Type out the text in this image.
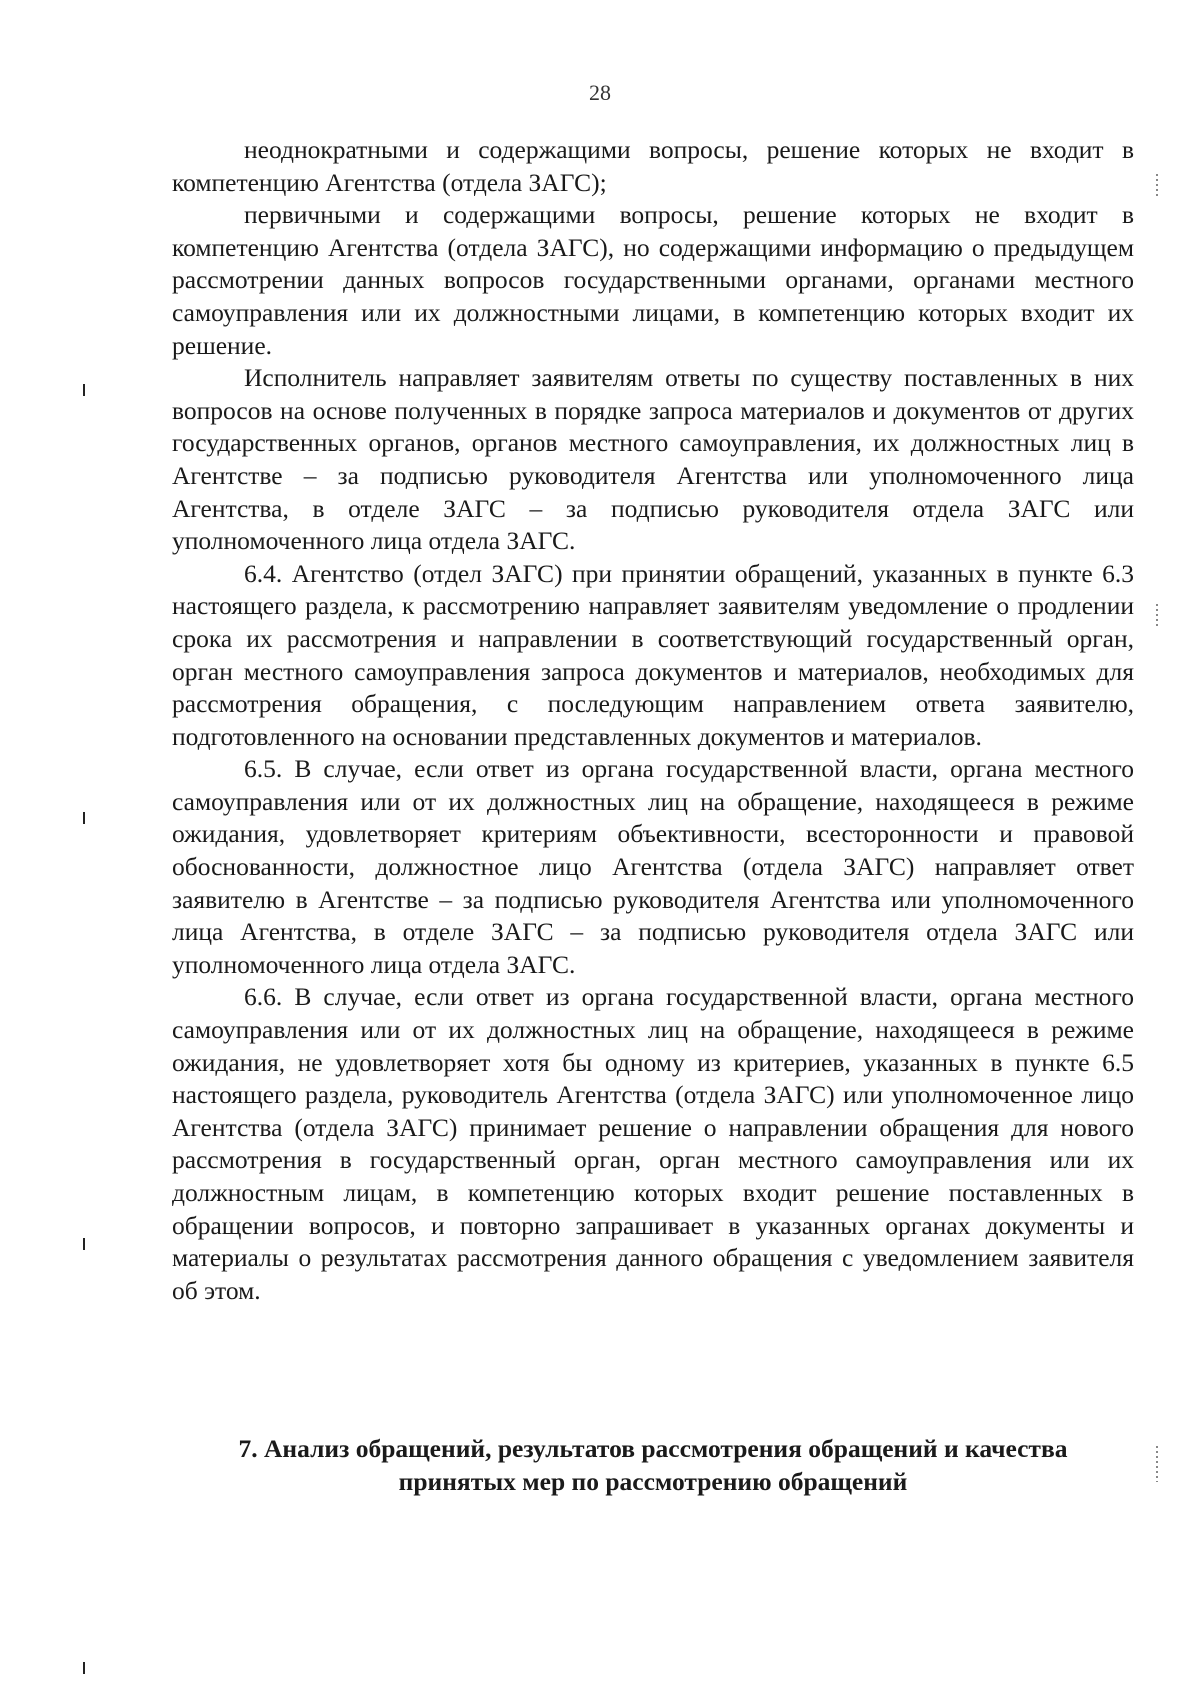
28

неоднократными и содержащими вопросы, решение которых не входит в компетенцию Агентства (отдела ЗАГС);

первичными и содержащими вопросы, решение которых не входит в компетенцию Агентства (отдела ЗАГС), но содержащими информацию о предыдущем рассмотрении данных вопросов государственными органами, органами местного самоуправления или их должностными лицами, в компетенцию которых входит их решение.

Исполнитель направляет заявителям ответы по существу поставленных в них вопросов на основе полученных в порядке запроса материалов и документов от других государственных органов, органов местного самоуправления, их должностных лиц в Агентстве – за подписью руководителя Агентства или уполномоченного лица Агентства, в отделе ЗАГС – за подписью руководителя отдела ЗАГС или уполномоченного лица отдела ЗАГС.

6.4. Агентство (отдел ЗАГС) при принятии обращений, указанных в пункте 6.3 настоящего раздела, к рассмотрению направляет заявителям уведомление о продлении срока их рассмотрения и направлении в соответствующий государственный орган, орган местного самоуправления запроса документов и материалов, необходимых для рассмотрения обращения, с последующим направлением ответа заявителю, подготовленного на основании представленных документов и материалов.

6.5. В случае, если ответ из органа государственной власти, органа местного самоуправления или от их должностных лиц на обращение, находящееся в режиме ожидания, удовлетворяет критериям объективности, всесторонности и правовой обоснованности, должностное лицо Агентства (отдела ЗАГС) направляет ответ заявителю в Агентстве – за подписью руководителя Агентства или уполномоченного лица Агентства, в отделе ЗАГС – за подписью руководителя отдела ЗАГС или уполномоченного лица отдела ЗАГС.

6.6. В случае, если ответ из органа государственной власти, органа местного самоуправления или от их должностных лиц на обращение, находящееся в режиме ожидания, не удовлетворяет хотя бы одному из критериев, указанных в пункте 6.5 настоящего раздела, руководитель Агентства (отдела ЗАГС) или уполномоченное лицо Агентства (отдела ЗАГС) принимает решение о направлении обращения для нового рассмотрения в государственный орган, орган местного самоуправления или их должностным лицам, в компетенцию которых входит решение поставленных в обращении вопросов, и повторно запрашивает в указанных органах документы и материалы о результатах рассмотрения данного обращения с уведомлением заявителя об этом.

7. Анализ обращений, результатов рассмотрения обращений и качества принятых мер по рассмотрению обращений
